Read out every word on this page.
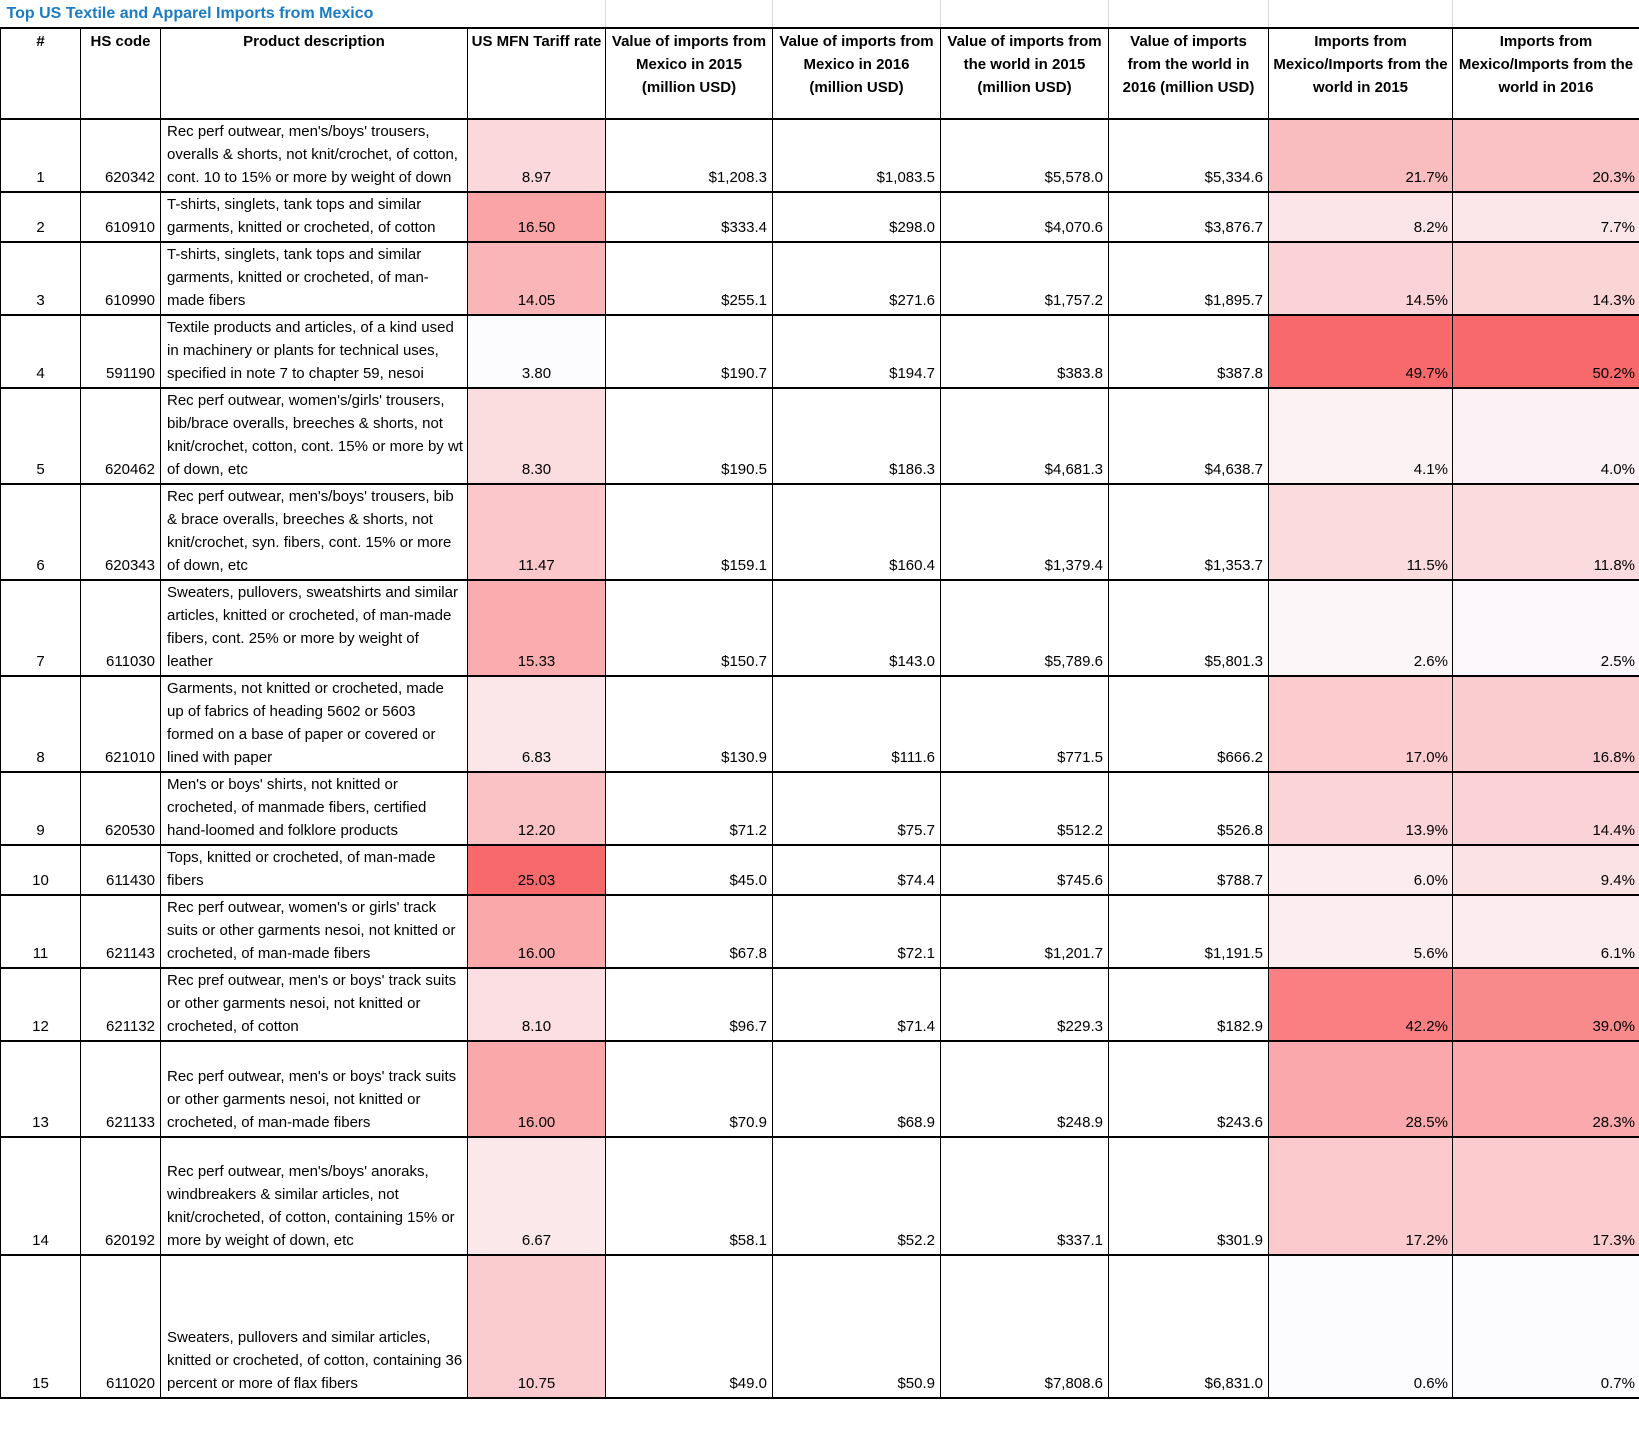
Top US Textile and Apparel Imports from Mexico									
#	HS code	Product description	US MFN Tariff rate	Value of imports from Mexico in 2015 (million USD)	Value of imports from Mexico in 2016 (million USD)	Value of imports from the world in 2015 (million USD)	Value of imports from the world in 2016 (million USD)	Imports from Mexico/Imports from the world in 2015	Imports from Mexico/Imports from the world in 2016
1	620342	Rec perf outwear, men's/boys' trousers, overalls & shorts, not knit/crochet, of cotton, cont. 10 to 15% or more by weight of down	8.97	$1,208.3	$1,083.5	$5,578.0	$5,334.6	21.7%	20.3%
2	610910	T-shirts, singlets, tank tops and similar garments, knitted or crocheted, of cotton	16.50	$333.4	$298.0	$4,070.6	$3,876.7	8.2%	7.7%
3	610990	T-shirts, singlets, tank tops and similar garments, knitted or crocheted, of man-made fibers	14.05	$255.1	$271.6	$1,757.2	$1,895.7	14.5%	14.3%
4	591190	Textile products and articles, of a kind used in machinery or plants for technical uses, specified in note 7 to chapter 59, nesoi	3.80	$190.7	$194.7	$383.8	$387.8	49.7%	50.2%
5	620462	Rec perf outwear, women's/girls' trousers, bib/brace overalls, breeches & shorts, not knit/crochet, cotton, cont. 15% or more by wt of down, etc	8.30	$190.5	$186.3	$4,681.3	$4,638.7	4.1%	4.0%
6	620343	Rec perf outwear, men's/boys' trousers, bib & brace overalls, breeches & shorts, not knit/crochet, syn. fibers, cont. 15% or more of down, etc	11.47	$159.1	$160.4	$1,379.4	$1,353.7	11.5%	11.8%
7	611030	Sweaters, pullovers, sweatshirts and similar articles, knitted or crocheted, of man-made fibers, cont. 25% or more by weight of leather	15.33	$150.7	$143.0	$5,789.6	$5,801.3	2.6%	2.5%
8	621010	Garments, not knitted or crocheted, made up of fabrics of heading 5602 or 5603 formed on a base of paper or covered or lined with paper	6.83	$130.9	$111.6	$771.5	$666.2	17.0%	16.8%
9	620530	Men's or boys' shirts, not knitted or crocheted, of manmade fibers, certified hand-loomed and folklore products	12.20	$71.2	$75.7	$512.2	$526.8	13.9%	14.4%
10	611430	Tops, knitted or crocheted, of man-made fibers	25.03	$45.0	$74.4	$745.6	$788.7	6.0%	9.4%
11	621143	Rec perf outwear, women's or girls' track suits or other garments nesoi, not knitted or crocheted, of man-made fibers	16.00	$67.8	$72.1	$1,201.7	$1,191.5	5.6%	6.1%
12	621132	Rec pref outwear, men's or boys' track suits or other garments nesoi, not knitted or crocheted, of cotton	8.10	$96.7	$71.4	$229.3	$182.9	42.2%	39.0%
13	621133	Rec perf outwear, men's or boys' track suits or other garments nesoi, not knitted or crocheted, of man-made fibers	16.00	$70.9	$68.9	$248.9	$243.6	28.5%	28.3%
14	620192	Rec perf outwear, men's/boys' anoraks, windbreakers & similar articles, not knit/crocheted, of cotton, containing 15% or more by weight of down, etc	6.67	$58.1	$52.2	$337.1	$301.9	17.2%	17.3%
15	611020	Sweaters, pullovers and similar articles, knitted or crocheted, of cotton, containing 36 percent or more of flax fibers	10.75	$49.0	$50.9	$7,808.6	$6,831.0	0.6%	0.7%
